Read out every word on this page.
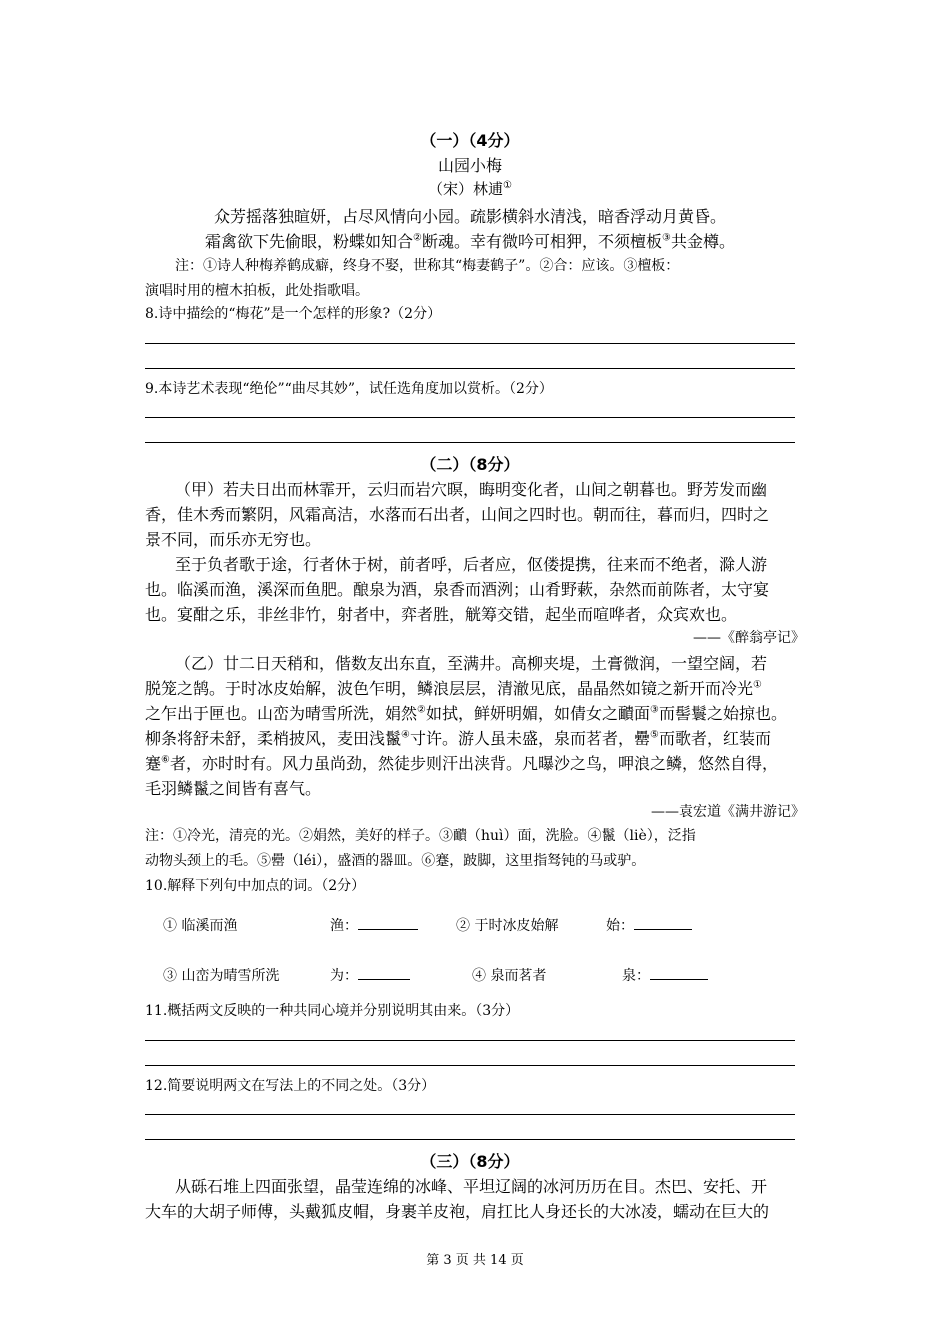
（一）（4分）
山园小梅
（宋）林逋①
众芳摇落独暄妍，占尽风情向小园。疏影横斜水清浅，暗香浮动月黄昏。
霜禽欲下先偷眼，粉蝶如知合②断魂。幸有微吟可相狎，不须檀板③共金樽。
注：①诗人种梅养鹤成癖，终身不娶，世称其“梅妻鹤子”。②合：应该。③檀板：
演唱时用的檀木拍板，此处指歌唱。
8.诗中描绘的“梅花”是一个怎样的形象?（2分）
9.本诗艺术表现“绝伦”“曲尽其妙”，试任选角度加以赏析。（2分）
（二）（8分）
（甲）若夫日出而林霏开，云归而岩穴暝，晦明变化者，山间之朝暮也。野芳发而幽
香，佳木秀而繁阴，风霜高洁，水落而石出者，山间之四时也。朝而往，暮而归，四时之
景不同，而乐亦无穷也。
至于负者歌于途，行者休于树，前者呼，后者应，伛偻提携，往来而不绝者，滁人游
也。临溪而渔，溪深而鱼肥。酿泉为酒，泉香而酒洌；山肴野蔌，杂然而前陈者，太守宴
也。宴酣之乐，非丝非竹，射者中，弈者胜，觥筹交错，起坐而喧哗者，众宾欢也。
——《醉翁亭记》
（乙）廿二日天稍和，偕数友出东直，至满井。高柳夹堤，土膏微润，一望空阔，若
脱笼之鹄。于时冰皮始解，波色乍明，鳞浪层层，清澈见底，晶晶然如镜之新开而冷光①
之乍出于匣也。山峦为晴雪所洗，娟然②如拭，鲜妍明媚，如倩女之靧面③而髻鬟之始掠也。
柳条将舒未舒，柔梢披风，麦田浅鬣④寸许。游人虽未盛，泉而茗者，罍⑤而歌者，红装而
蹇⑥者，亦时时有。风力虽尚劲，然徒步则汗出浃背。凡曝沙之鸟，呷浪之鳞，悠然自得，
毛羽鳞鬣之间皆有喜气。
——袁宏道《满井游记》
注：①冷光，清亮的光。②娟然，美好的样子。③靧（huì）面，洗脸。④鬣（liè），泛指
动物头颈上的毛。⑤罍（léi），盛酒的器皿。⑥蹇，跛脚，这里指驽钝的马或驴。
10.解释下列句中加点的词。（2分）
① 临溪而渔	渔：	② 于时冰皮始解	始：
③ 山峦为晴雪所洗	为：	④ 泉而茗者	泉：
11.概括两文反映的一种共同心境并分别说明其由来。（3分）
12.简要说明两文在写法上的不同之处。（3分）
（三）（8分）
从砾石堆上四面张望，晶莹连绵的冰峰、平坦辽阔的冰河历历在目。杰巴、安托、开
大车的大胡子师傅，头戴狐皮帽，身裹羊皮袍，肩扛比人身还长的大冰凌，蠕动在巨大的
第 3 页 共 14 页
